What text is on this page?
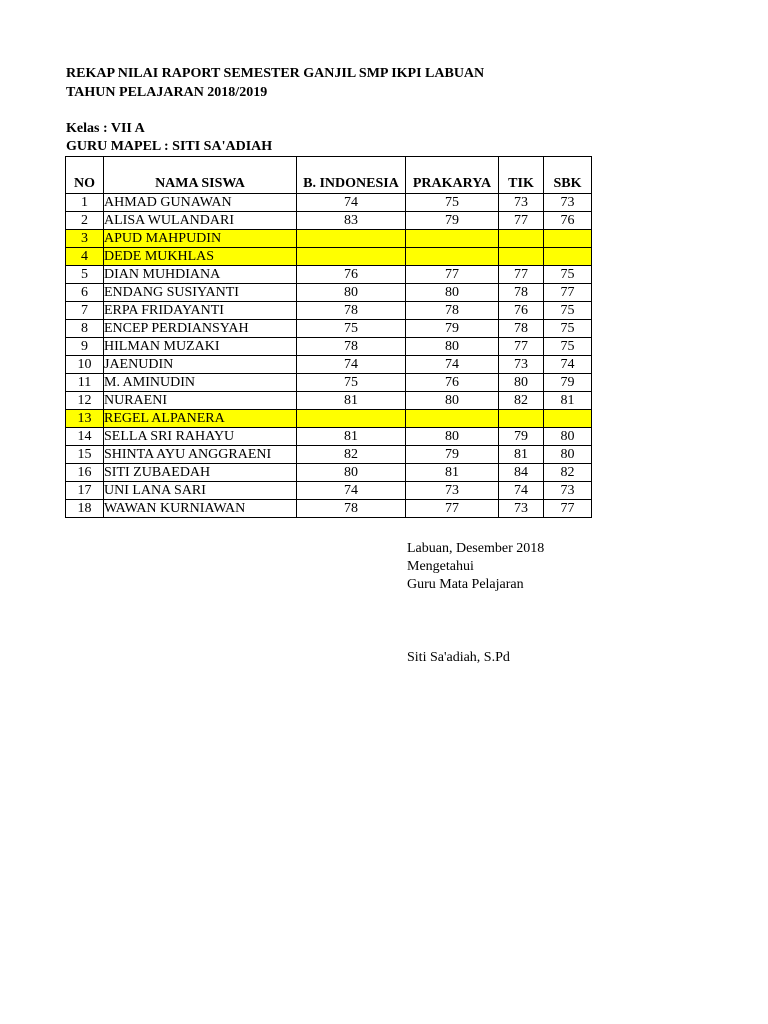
REKAP NILAI RAPORT SEMESTER GANJIL SMP IKPI LABUAN
TAHUN PELAJARAN 2018/2019
Kelas : VII A
GURU MAPEL : SITI SA'ADIAH
NO	NAMA SISWA	B. INDONESIA	PRAKARYA	TIK	SBK
1	AHMAD GUNAWAN	74	75	73	73
2	ALISA WULANDARI	83	79	77	76
3	APUD MAHPUDIN				
4	DEDE MUKHLAS				
5	DIAN MUHDIANA	76	77	77	75
6	ENDANG SUSIYANTI	80	80	78	77
7	ERPA FRIDAYANTI	78	78	76	75
8	ENCEP PERDIANSYAH	75	79	78	75
9	HILMAN MUZAKI	78	80	77	75
10	JAENUDIN	74	74	73	74
11	M. AMINUDIN	75	76	80	79
12	NURAENI	81	80	82	81
13	REGEL ALPANERA				
14	SELLA SRI RAHAYU	81	80	79	80
15	SHINTA AYU ANGGRAENI	82	79	81	80
16	SITI ZUBAEDAH	80	81	84	82
17	UNI LANA SARI	74	73	74	73
18	WAWAN KURNIAWAN	78	77	73	77
Labuan, Desember 2018
Mengetahui
Guru Mata Pelajaran
Siti Sa'adiah, S.Pd
